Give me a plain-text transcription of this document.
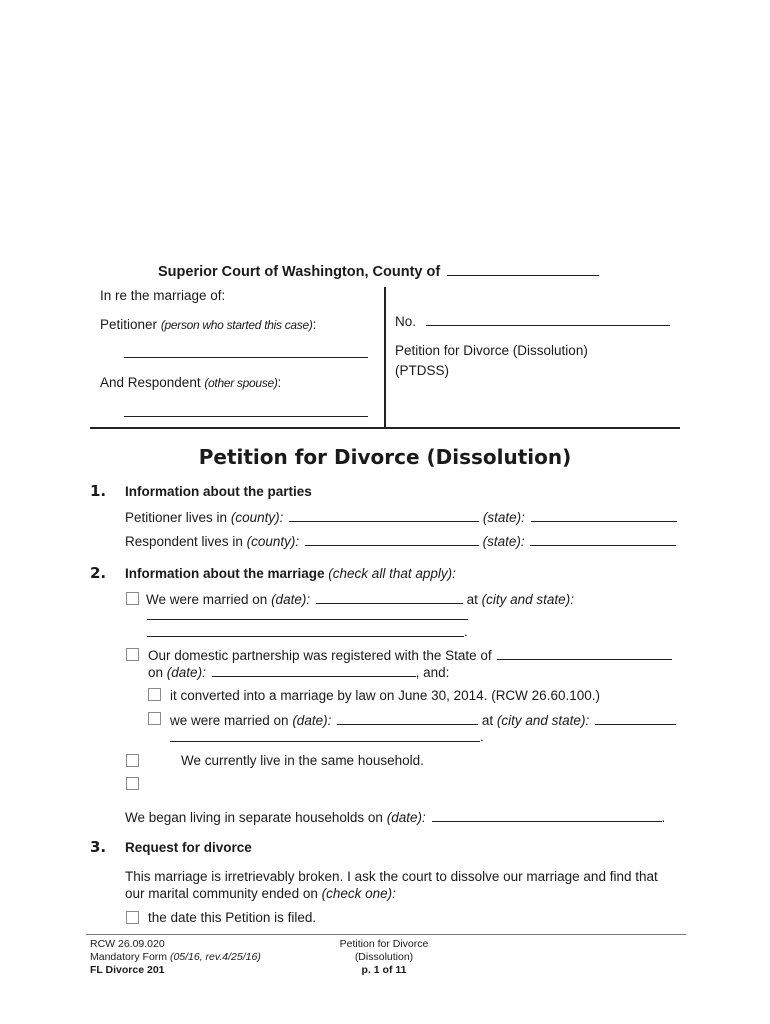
Superior Court of Washington, County of
In re the marriage of:
Petitioner (person who started this case):
And Respondent (other spouse):
No.
Petition for Divorce (Dissolution)
(PTDSS)
Petition for Divorce (Dissolution)
1. Information about the parties
Petitioner lives in (county):	(state):
Respondent lives in (county):	(state):
2. Information about the marriage (check all that apply):
We were married on (date):	at (city and state):
.
Our domestic partnership was registered with the State of
on (date):	, and:
it converted into a marriage by law on June 30, 2014. (RCW 26.60.100.)
we were married on (date):	at (city and state):
.
We currently live in the same household.
We began living in separate households on (date):	.
3. Request for divorce
This marriage is irretrievably broken. I ask the court to dissolve our marriage and find that
our marital community ended on (check one):
the date this Petition is filed.
RCW 26.09.020
Mandatory Form (05/16, rev.4/25/16)
FL Divorce 201
Petition for Divorce
(Dissolution)
p. 1 of 11
